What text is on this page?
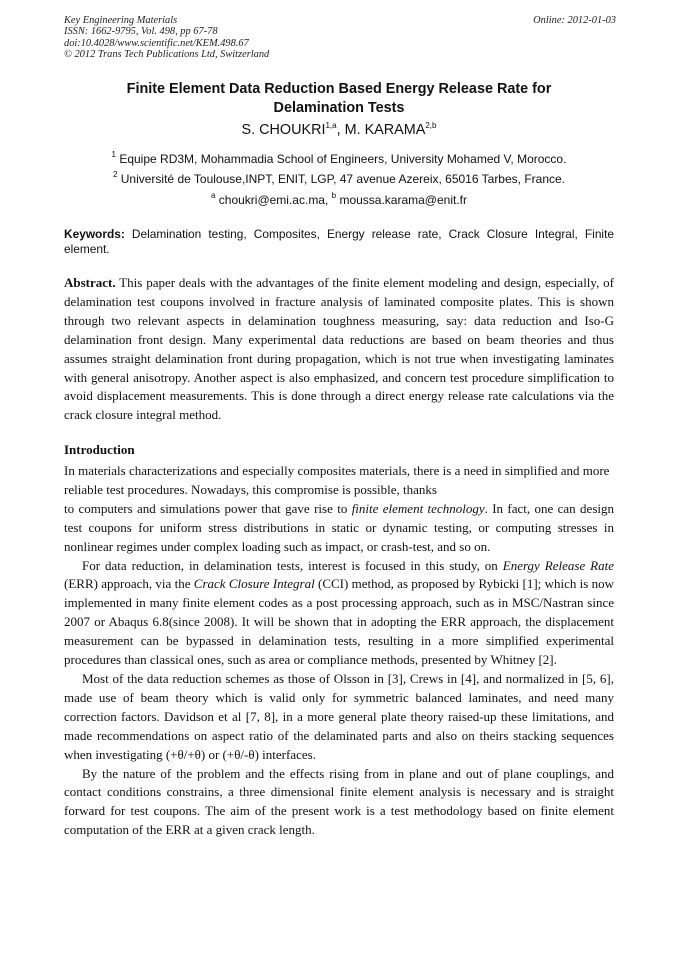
Key Engineering Materials
ISSN: 1662-9795, Vol. 498, pp 67-78
doi:10.4028/www.scientific.net/KEM.498.67
© 2012 Trans Tech Publications Ltd, Switzerland
Online: 2012-01-03
Finite Element Data Reduction Based Energy Release Rate for
Delamination Tests
S. CHOUKRI$^{1,a}$, M. KARAMA$^{2,b}$
$^1$ Equipe RD3M, Mohammadia School of Engineers, University Mohamed V, Morocco.
$^2$ Université de Toulouse,INPT, ENIT, LGP, 47 avenue Azereix, 65016 Tarbes, France.
$^a$ choukri@emi.ac.ma, $^b$ moussa.karama@enit.fr
Keywords: Delamination testing, Composites, Energy release rate, Crack Closure Integral, Finite element.

Abstract. This paper deals with the advantages of the finite element modeling and design, especially, of delamination test coupons involved in fracture analysis of laminated composite plates. This is shown through two relevant aspects in delamination toughness measuring, say: data reduction and Iso-G delamination front design. Many experimental data reductions are based on beam theories and thus assumes straight delamination front during propagation, which is not true when investigating laminates with general anisotropy. Another aspect is also emphasized, and concern test procedure simplification to avoid displacement measurements. This is done through a direct energy release rate calculations via the crack closure integral method.

Introduction

In materials characterizations and especially composites materials, there is a need in simplified and more reliable test procedures. Nowadays, this compromise is possible, thanks

to computers and simulations power that gave rise to finite element technology. In fact, one can design test coupons for uniform stress distributions in static or dynamic testing, or computing stresses in nonlinear regimes under complex loading such as impact, or crash-test, and so on.

For data reduction, in delamination tests, interest is focused in this study, on Energy Release Rate (ERR) approach, via the Crack Closure Integral (CCI) method, as proposed by Rybicki [1]; which is now implemented in many finite element codes as a post processing approach, such as in MSC/Nastran since 2007 or Abaqus 6.8(since 2008). It will be shown that in adopting the ERR approach, the displacement measurement can be bypassed in delamination tests, resulting in a more simplified experimental procedures than classical ones, such as area or compliance methods, presented by Whitney [2].

Most of the data reduction schemes as those of Olsson in [3], Crews in [4], and normalized in [5, 6], made use of beam theory which is valid only for symmetric balanced laminates, and need many correction factors. Davidson et al [7, 8], in a more general plate theory raised-up these limitations, and made recommendations on aspect ratio of the delaminated parts and also on theirs stacking sequences when investigating (+θ/+θ) or (+θ/-θ) interfaces.

By the nature of the problem and the effects rising from in plane and out of plane couplings, and contact conditions constrains, a three dimensional finite element analysis is necessary and is straight forward for test coupons. The aim of the present work is a test methodology based on finite element computation of the ERR at a given crack length.
